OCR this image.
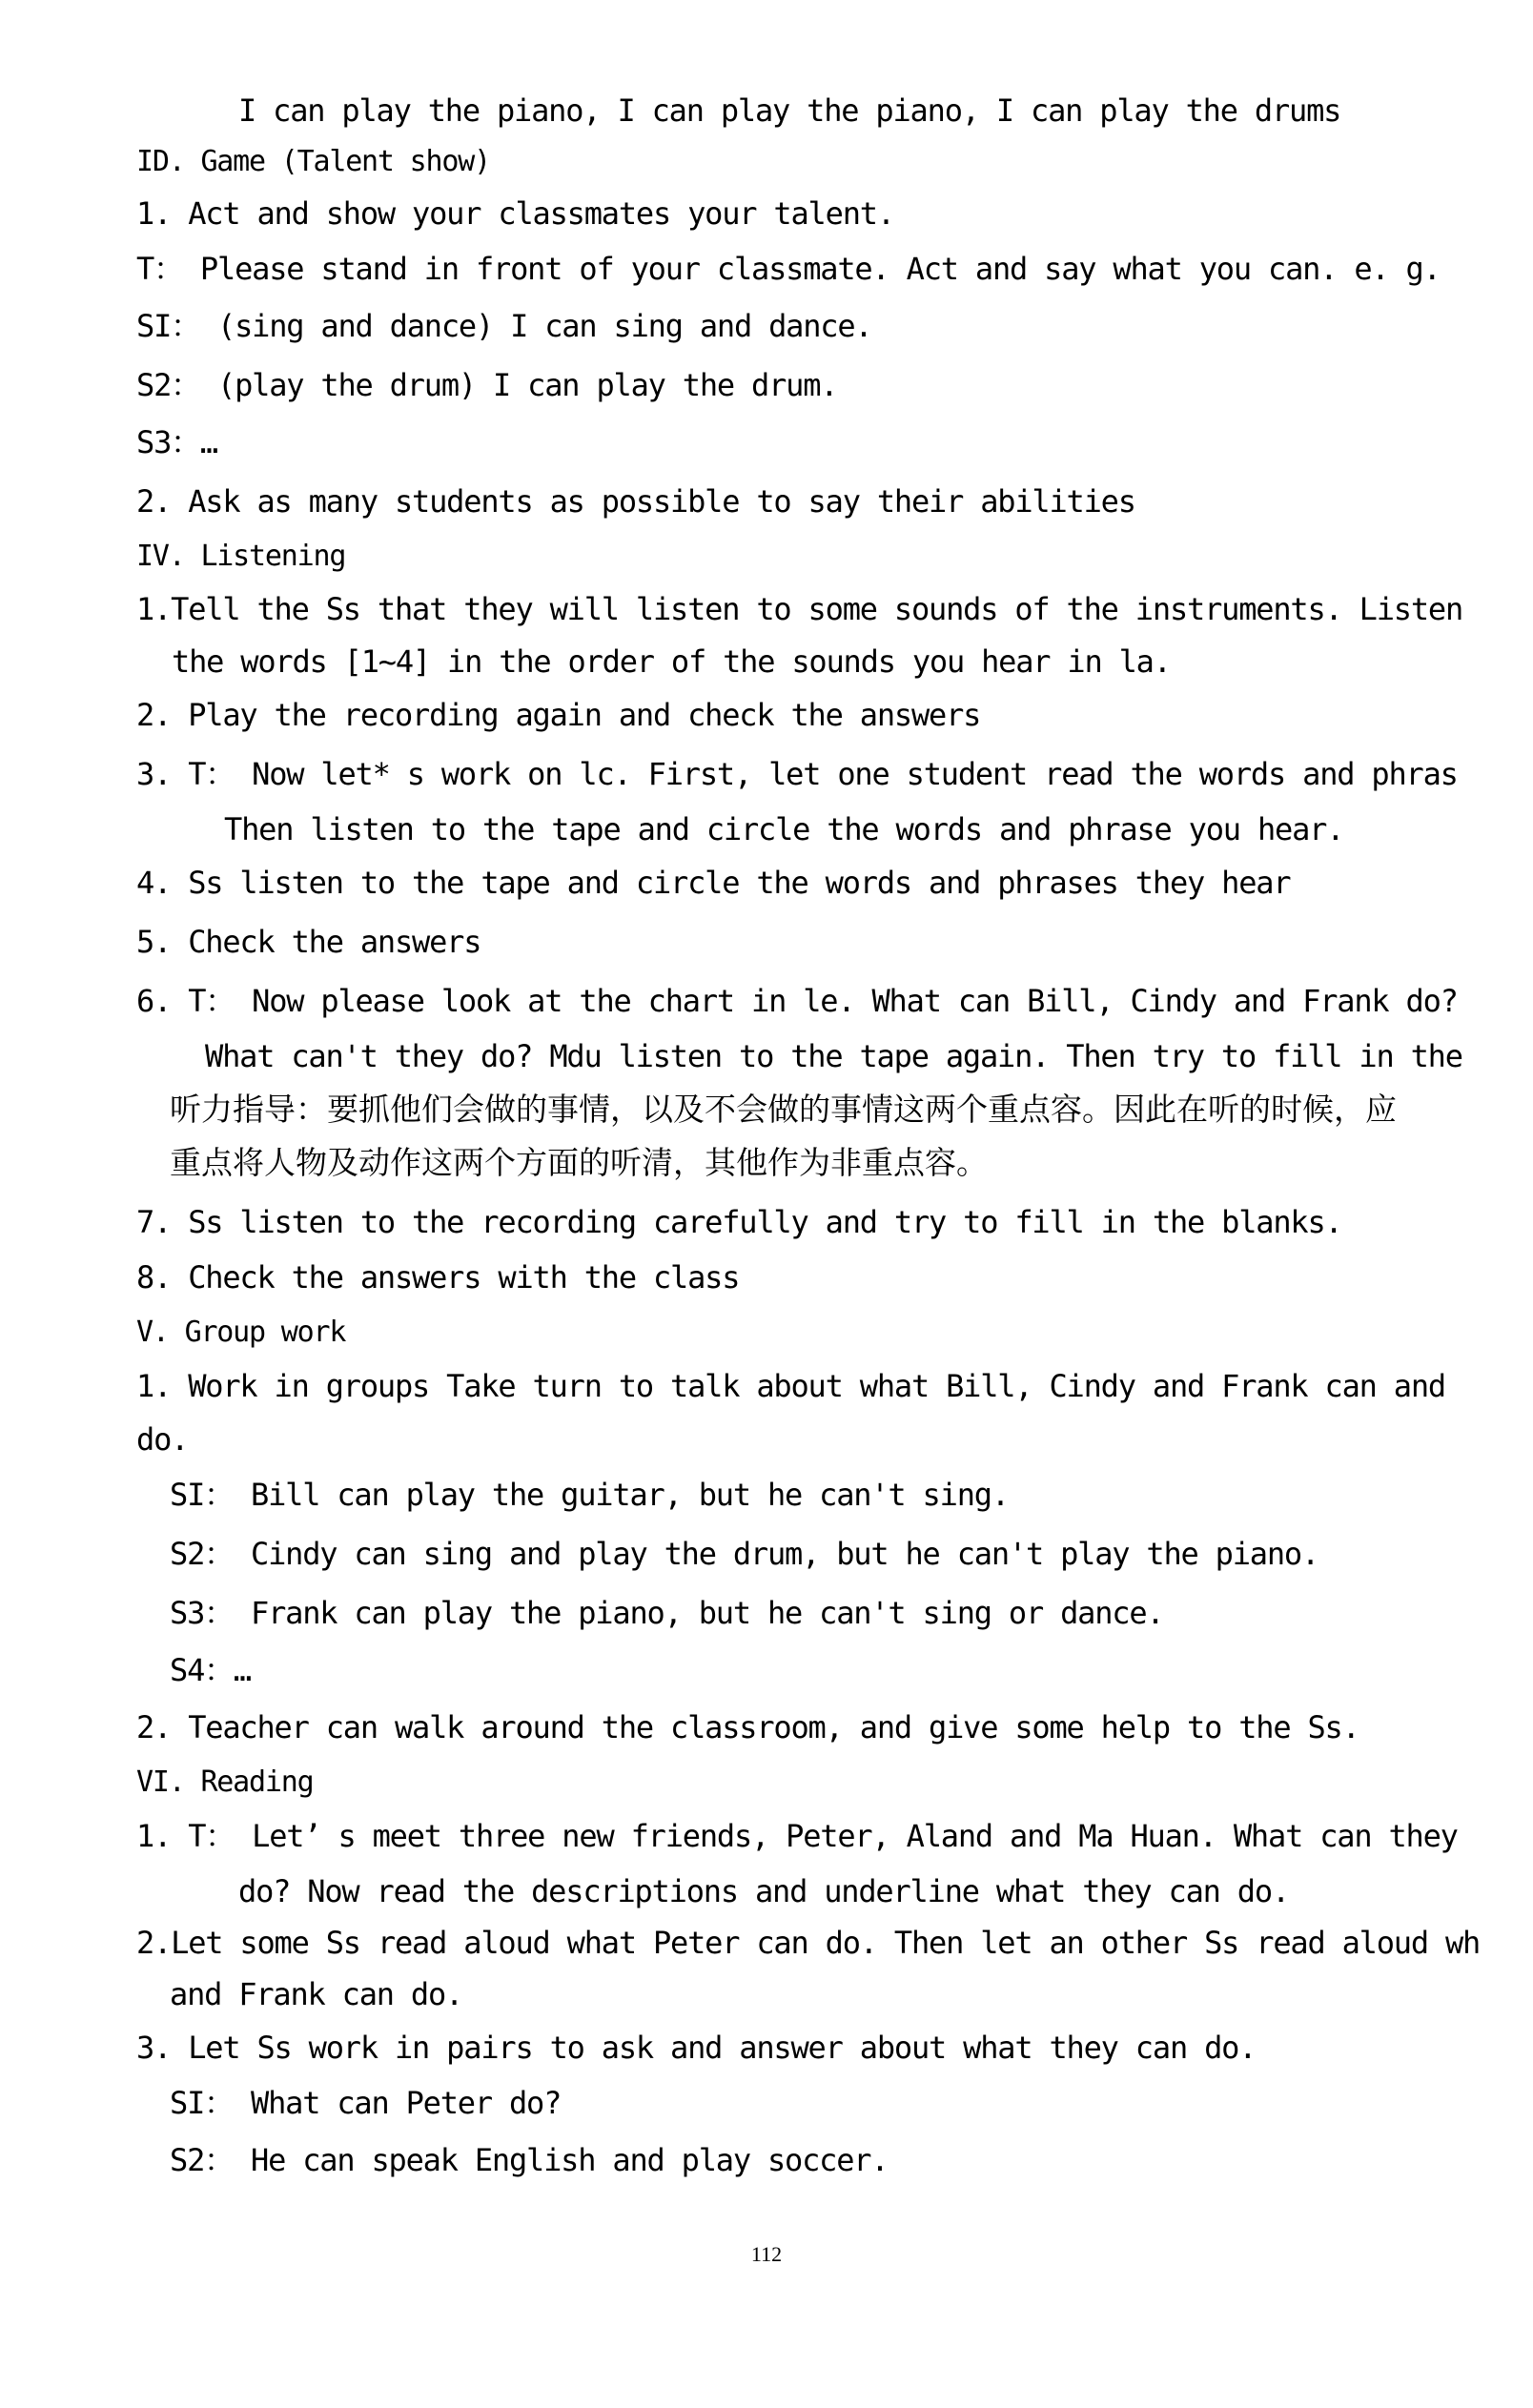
I can play the piano, I can play the piano, I can play the drums
ID. Game (Talent show)
1. Act and show your classmates your talent.
T： Please stand in front of your classmate. Act and say what you can. e. g.
SI： (sing and dance) I can sing and dance.
S2： (play the drum) I can play the drum.
S3：…
2. Ask as many students as possible to say their abilities
IV. Listening
1.Tell the Ss that they will listen to some sounds of the instruments. Listen
the words [1~4] in the order of the sounds you hear in la.
2. Play the recording again and check the answers
3. T： Now let* s work on lc. First, let one student read the words and phras
Then listen to the tape and circle the words and phrase you hear.
4. Ss listen to the tape and circle the words and phrases they hear
5. Check the answers
6. T： Now please look at the chart in le. What can Bill, Cindy and Frank do?
What can't they do? Mdu listen to the tape again. Then try to fill in the
7. Ss listen to the recording carefully and try to fill in the blanks.
8. Check the answers with the class
V. Group work
1. Work in groups Take turn to talk about what Bill, Cindy and Frank can and
do.
SI： Bill can play the guitar, but he can't sing.
S2： Cindy can sing and play the drum, but he can't play the piano.
S3： Frank can play the piano, but he can't sing or dance.
S4：…
2. Teacher can walk around the classroom, and give some help to the Ss.
VI. Reading
1. T： Let’ s meet three new friends, Peter, Aland and Ma Huan. What can they
do? Now read the descriptions and underline what they can do.
2.Let some Ss read aloud what Peter can do. Then let an other Ss read aloud wh
and Frank can do.
3. Let Ss work in pairs to ask and answer about what they can do.
SI： What can Peter do?
S2： He can speak English and play soccer.
听力指导：要抓他们会做的事情，以及不会做的事情这两个重点容。因此在听的时候，应
重点将人物及动作这两个方面的听清，其他作为非重点容。
112
